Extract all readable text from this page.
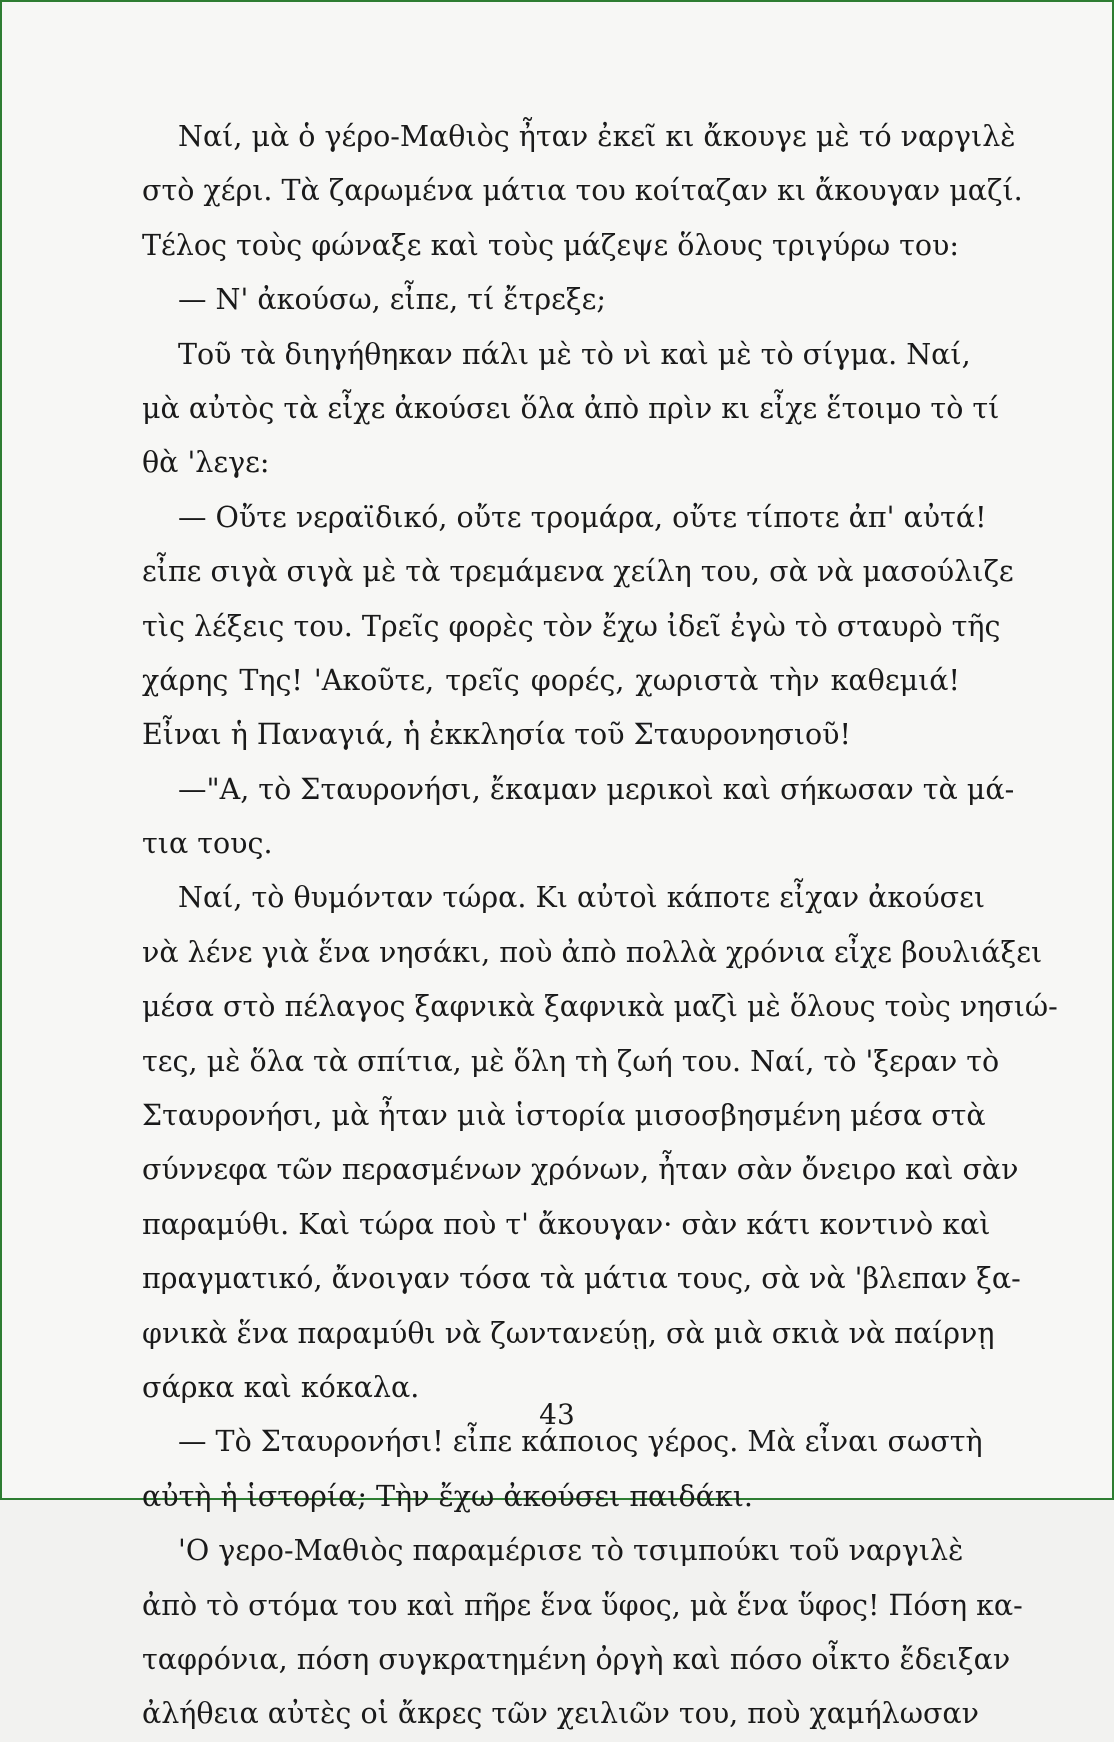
Ναί, μὰ ὁ γέρο-Μαθιὸς ἦταν ἐκεῖ κι ἄκουγε μὲ τό ναργιλὲ
στὸ χέρι. Τὰ ζαρωμένα μάτια του κοίταζαν κι ἄκουγαν μαζί.
Τέλος τοὺς φώναξε καὶ τοὺς μάζεψε ὅλους τριγύρω του:
— Ν' ἀκούσω, εἶπε, τί ἔτρεξε;
Τοῦ τὰ διηγήθηκαν πάλι μὲ τὸ νὶ καὶ μὲ τὸ σίγμα. Ναί,
μὰ αὐτὸς τὰ εἶχε ἀκούσει ὅλα ἀπὸ πρὶν κι εἶχε ἕτοιμο τὸ τί
θὰ 'λεγε:
— Οὔτε νεραϊδικό, οὔτε τρομάρα, οὔτε τίποτε ἀπ' αὐτά!
εἶπε σιγὰ σιγὰ μὲ τὰ τρεμάμενα χείλη του, σὰ νὰ μασούλιζε
τὶς λέξεις του. Τρεῖς φορὲς τὸν ἔχω ἰδεῖ ἐγὼ τὸ σταυρὸ τῆς
χάρης Της! 'Ακοῦτε, τρεῖς φορές, χωριστὰ τὴν καθεμιά!
Εἶναι ἡ Παναγιά, ἡ ἐκκλησία τοῦ Σταυρονησιοῦ!
—"Α, τὸ Σταυρονήσι, ἔκαμαν μερικοὶ καὶ σήκωσαν τὰ μά-
τια τους.
Ναί, τὸ θυμόνταν τώρα. Κι αὐτοὶ κάποτε εἶχαν ἀκούσει
νὰ λένε γιὰ ἕνα νησάκι, ποὺ ἀπὸ πολλὰ χρόνια εἶχε βουλιάξει
μέσα στὸ πέλαγος ξαφνικὰ ξαφνικὰ μαζὶ μὲ ὅλους τοὺς νησιώ-
τες, μὲ ὅλα τὰ σπίτια, μὲ ὅλη τὴ ζωή του. Ναί, τὸ 'ξεραν τὸ
Σταυρονήσι, μὰ ἦταν μιὰ ἱστορία μισοσβησμένη μέσα στὰ
σύννεφα τῶν περασμένων χρόνων, ἦταν σὰν ὄνειρο καὶ σὰν
παραμύθι. Καὶ τώρα ποὺ τ' ἄκουγαν· σὰν κάτι κοντινὸ καὶ
πραγματικό, ἄνοιγαν τόσα τὰ μάτια τους, σὰ νὰ 'βλεπαν ξα-
φνικὰ ἕνα παραμύθι νὰ ζωντανεύῃ, σὰ μιὰ σκιὰ νὰ παίρνῃ
σάρκα καὶ κόκαλα.
— Τὸ Σταυρονήσι! εἶπε κάποιος γέρος. Μὰ εἶναι σωστὴ
αὐτὴ ἡ ἱστορία; Τὴν ἔχω ἀκούσει παιδάκι.
'Ο γερο-Μαθιὸς παραμέρισε τὸ τσιμπούκι τοῦ ναργιλὲ
ἀπὸ τὸ στόμα του καὶ πῆρε ἕνα ὕφος, μὰ ἕνα ὕφος! Πόση κα-
ταφρόνια, πόση συγκρατημένη ὀργὴ καὶ πόσο οἶκτο ἔδειξαν
ἀλήθεια αὐτὲς οἱ ἄκρες τῶν χειλιῶν του, ποὺ χαμήλωσαν
43
